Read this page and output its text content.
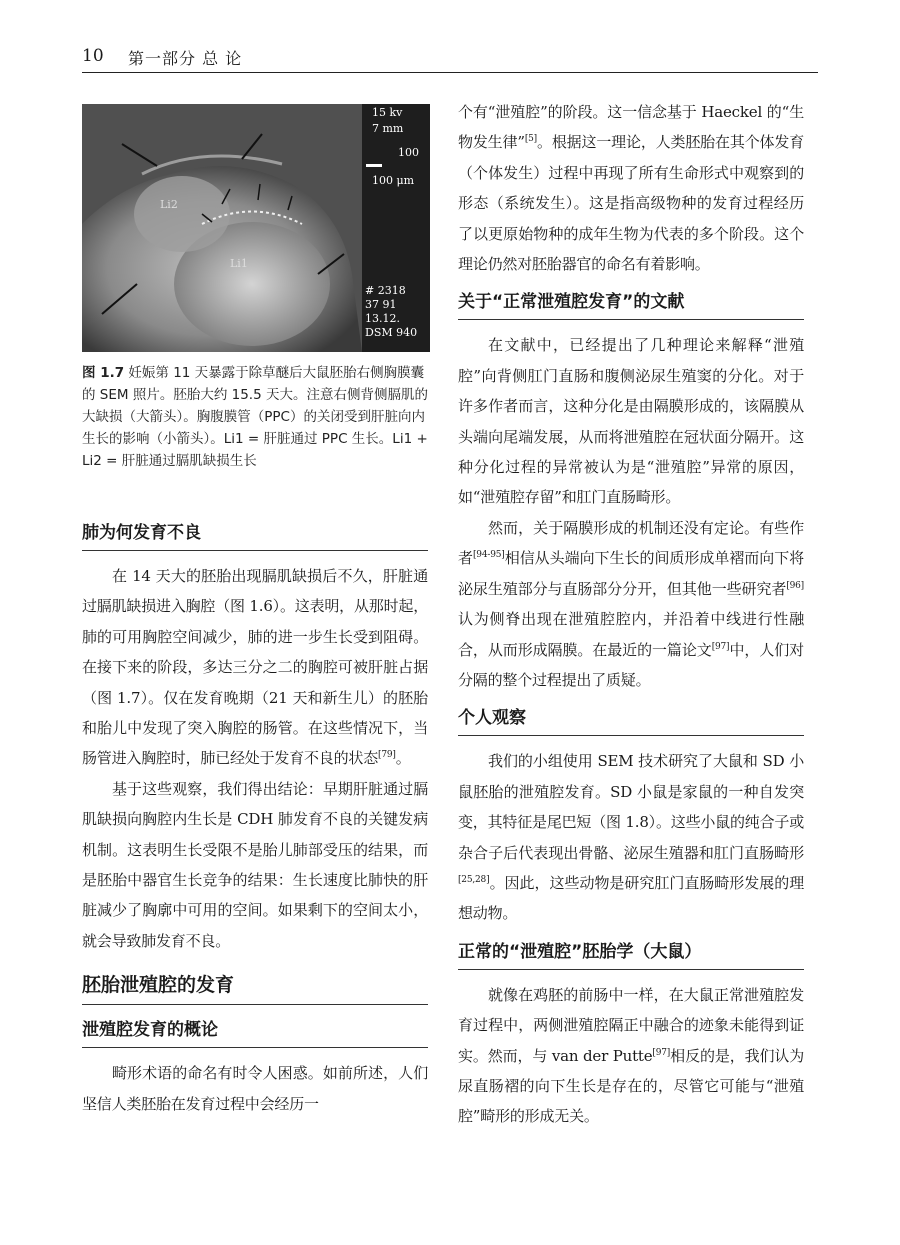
10 第一部分 总 论
Li2
Li1
15 kv
7 mm
100
100 μm
# 2318
37 91
13.12.
DSM 940
图 1.7 妊娠第 11 天暴露于除草醚后大鼠胚胎右侧胸膜囊的 SEM 照片。胚胎大约 15.5 天大。注意右侧背侧膈肌的大缺损（大箭头）。胸腹膜管（PPC）的关闭受到肝脏向内生长的影响（小箭头）。Li1 = 肝脏通过 PPC 生长。Li1 + Li2 = 肝脏通过膈肌缺损生长
肺为何发育不良

在 14 天大的胚胎出现膈肌缺损后不久，肝脏通过膈肌缺损进入胸腔（图 1.6）。这表明，从那时起，肺的可用胸腔空间减少，肺的进一步生长受到阻碍。在接下来的阶段，多达三分之二的胸腔可被肝脏占据（图 1.7）。仅在发育晚期（21 天和新生儿）的胚胎和胎儿中发现了突入胸腔的肠管。在这些情况下，当肠管进入胸腔时，肺已经处于发育不良的状态[79]。

基于这些观察，我们得出结论：早期肝脏通过膈肌缺损向胸腔内生长是 CDH 肺发育不良的关键发病机制。这表明生长受限不是胎儿肺部受压的结果，而是胚胎中器官生长竞争的结果：生长速度比肺快的肝脏减少了胸廓中可用的空间。如果剩下的空间太小，就会导致肺发育不良。

胚胎泄殖腔的发育
泄殖腔发育的概论

畸形术语的命名有时令人困惑。如前所述，人们坚信人类胚胎在发育过程中会经历一

个有“泄殖腔”的阶段。这一信念基于 Haeckel 的“生物发生律”[5]。根据这一理论，人类胚胎在其个体发育（个体发生）过程中再现了所有生命形式中观察到的形态（系统发生）。这是指高级物种的发育过程经历了以更原始物种的成年生物为代表的多个阶段。这个理论仍然对胚胎器官的命名有着影响。

关于“正常泄殖腔发育”的文献

在文献中，已经提出了几种理论来解释“泄殖腔”向背侧肛门直肠和腹侧泌尿生殖窦的分化。对于许多作者而言，这种分化是由隔膜形成的，该隔膜从头端向尾端发展，从而将泄殖腔在冠状面分隔开。这种分化过程的异常被认为是“泄殖腔”异常的原因，如“泄殖腔存留”和肛门直肠畸形。

然而，关于隔膜形成的机制还没有定论。有些作者[94-95]相信从头端向下生长的间质形成单褶而向下将泌尿生殖部分与直肠部分分开，但其他一些研究者[96]认为侧脊出现在泄殖腔腔内，并沿着中线进行性融合，从而形成隔膜。在最近的一篇论文[97]中，人们对分隔的整个过程提出了质疑。

个人观察

我们的小组使用 SEM 技术研究了大鼠和 SD 小鼠胚胎的泄殖腔发育。SD 小鼠是家鼠的一种自发突变，其特征是尾巴短（图 1.8）。这些小鼠的纯合子或杂合子后代表现出骨骼、泌尿生殖器和肛门直肠畸形[25,28]。因此，这些动物是研究肛门直肠畸形发展的理想动物。

正常的“泄殖腔”胚胎学（大鼠）

就像在鸡胚的前肠中一样，在大鼠正常泄殖腔发育过程中，两侧泄殖腔隔正中融合的迹象未能得到证实。然而，与 van der Putte[97]相反的是，我们认为尿直肠褶的向下生长是存在的，尽管它可能与“泄殖腔”畸形的形成无关。
